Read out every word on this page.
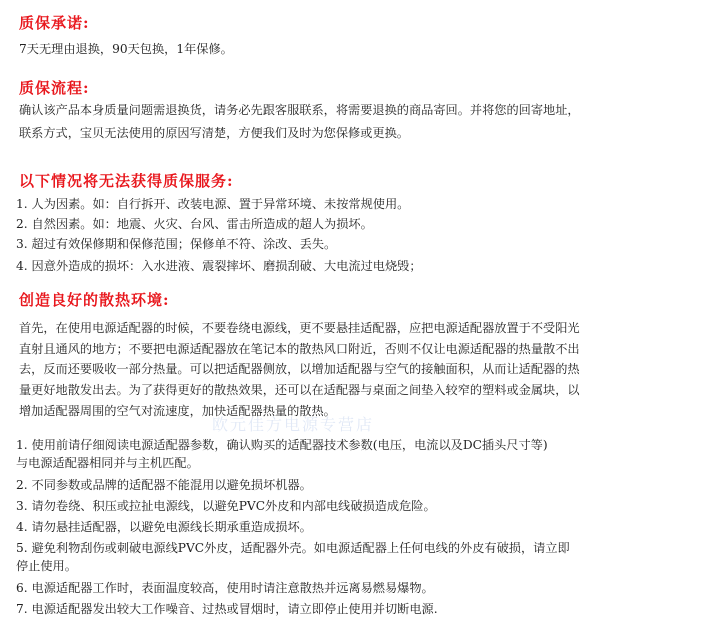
质保承诺:
7天无理由退换，90天包换，1年保修。
质保流程:
确认该产品本身质量问题需退换货，请务必先跟客服联系，将需要退换的商品寄回。并将您的回寄地址，
联系方式，宝贝无法使用的原因写清楚，方便我们及时为您保修或更换。
以下情况将无法获得质保服务:
1. 人为因素。如：自行拆开、改装电源、置于异常环境、未按常规使用。
2. 自然因素。如：地震、火灾、台风、雷击所造成的超人为损坏。
3. 超过有效保修期和保修范围；保修单不符、涂改、丢失。
4. 因意外造成的损坏：入水进液、震裂摔坏、磨损刮破、大电流过电烧毁；
创造良好的散热环境:
首先，在使用电源适配器的时候，不要卷绕电源线，更不要悬挂适配器，应把电源适配器放置于不受阳光
直射且通风的地方；不要把电源适配器放在笔记本的散热风口附近，否则不仅让电源适配器的热量散不出
去，反而还要吸收一部分热量。可以把适配器侧放，以增加适配器与空气的接触面积，从而让适配器的热
量更好地散发出去。为了获得更好的散热效果，还可以在适配器与桌面之间垫入较窄的塑料或金属块，以
增加适配器周围的空气对流速度，加快适配器热量的散热。
欧元佳方电源专营店
1. 使用前请仔细阅读电源适配器参数，确认购买的适配器技术参数(电压，电流以及DC插头尺寸等)
与电源适配器相同并与主机匹配。
2. 不同参数或品牌的适配器不能混用以避免损坏机器。
3. 请勿卷绕、积压或拉扯电源线，以避免PVC外皮和内部电线破损造成危险。
4. 请勿悬挂适配器，以避免电源线长期承重造成损坏。
5. 避免利物刮伤或刺破电源线PVC外皮，适配器外壳。如电源适配器上任何电线的外皮有破损，请立即
停止使用。
6. 电源适配器工作时，表面温度较高，使用时请注意散热并远离易燃易爆物。
7. 电源适配器发出较大工作噪音、过热或冒烟时，请立即停止使用并切断电源.
